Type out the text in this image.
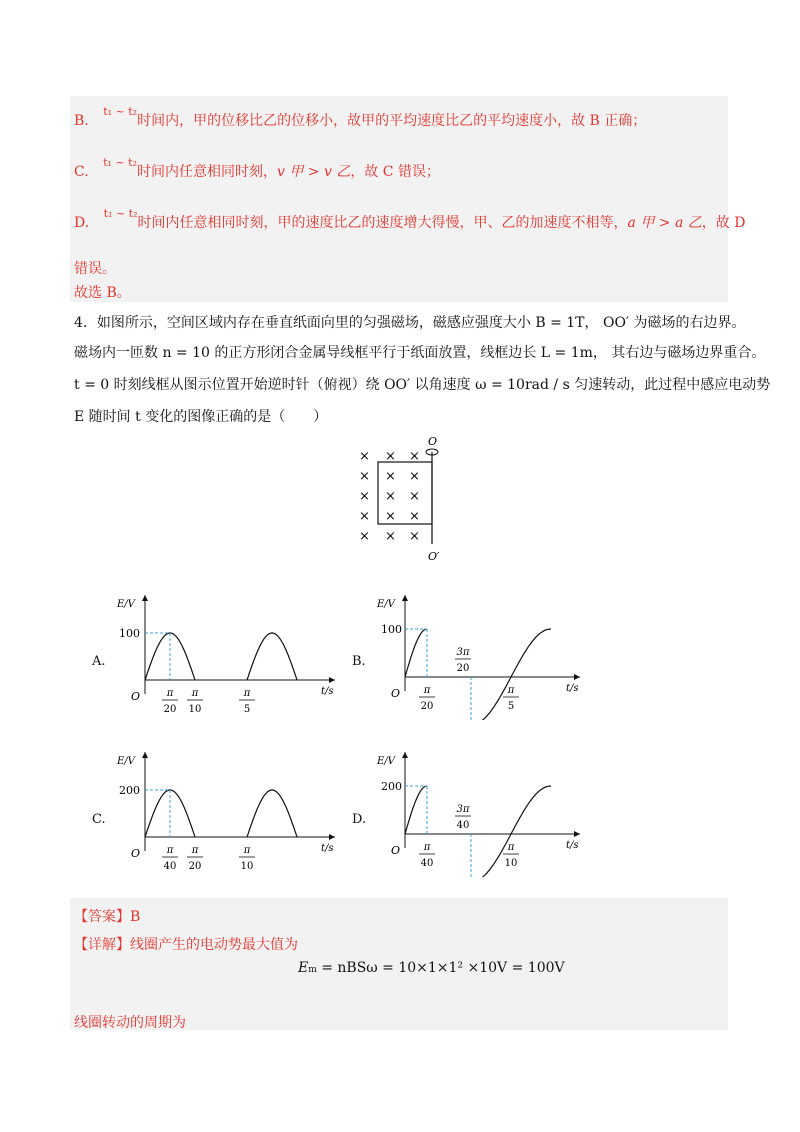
B. $^{t_1 \sim t_2}$时间内，甲的位移比乙的位移小，故甲的平均速度比乙的平均速度小，故 B 正确；
C. $^{t_1 \sim t_2}$时间内任意相同时刻，v 甲 > v 乙，故 C 错误；
D. $^{t_1 \sim t_2}$时间内任意相同时刻，甲的速度比乙的速度增大得慢，甲、乙的加速度不相等，a 甲 > a 乙，故 D
错误。
故选 B。
4．如图所示，空间区域内存在垂直纸面向里的匀强磁场，磁感应强度大小 B = 1T， OO′ 为磁场的右边界。
磁场内一匝数 n = 10 的正方形闭合金属导线框平行于纸面放置，线框边长 L = 1m， 其右边与磁场边界重合。
t = 0 时刻线框从图示位置开始逆时针（俯视）绕 OO′ 以角速度 ω = 10rad / s 匀速转动，此过程中感应电动势
E 随时间 t 变化的图像正确的是（　　）
× × ×
× × ×
× × ×
× × ×
× × ×
O
O′
A.
E/V
t/s
O
100
π
20
π
10
π
5
B.
E/V
t/s
O
100
π
20
3π
20
π
5
C.
E/V
t/s
O
200
π
40
π
20
π
10
D.
E/V
t/s
O
200
π
40
3π
40
π
10
【答案】B
【详解】线圈产生的电动势最大值为
Em = nBSω = 10×1×1² ×10V = 100V
线圈转动的周期为
